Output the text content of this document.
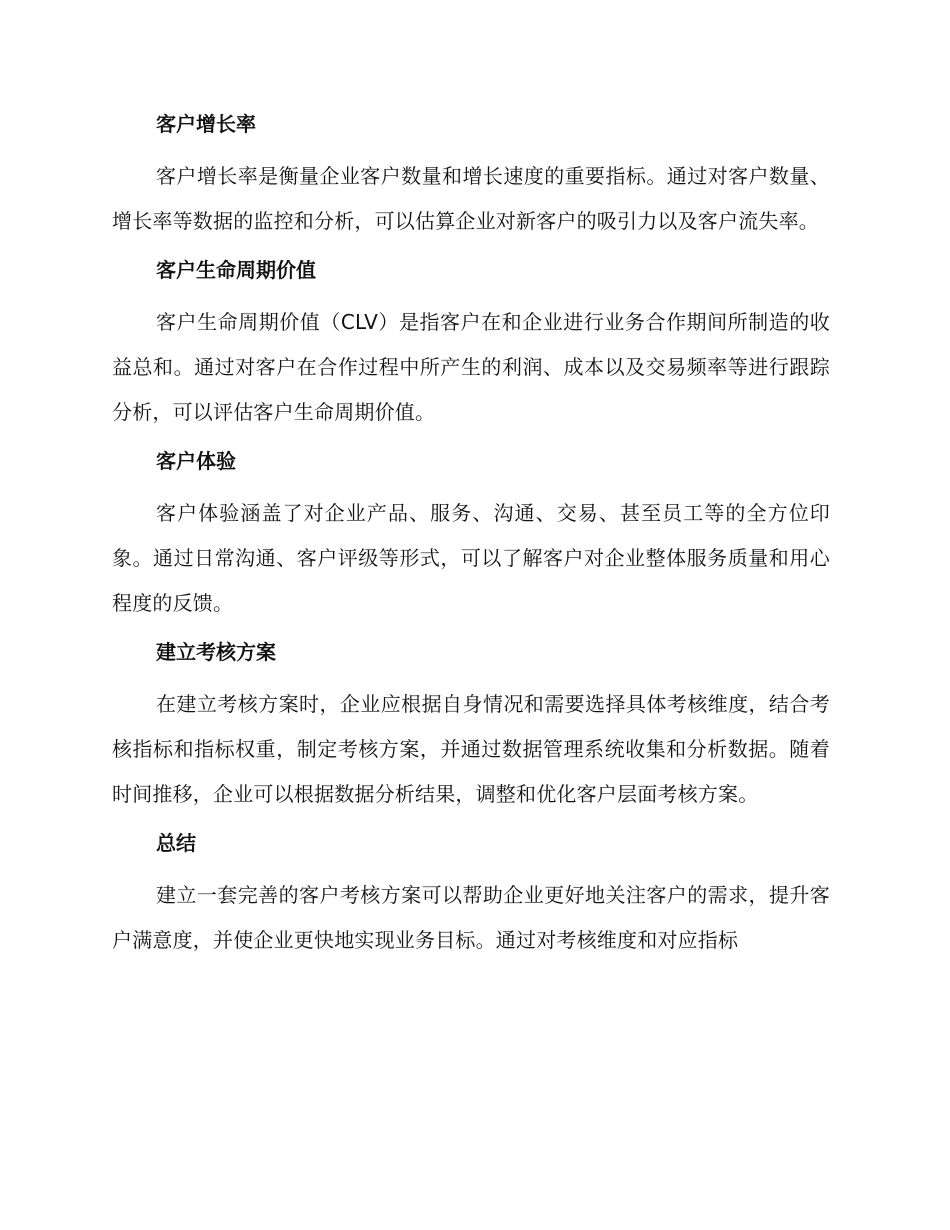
客户增长率

客户增长率是衡量企业客户数量和增长速度的重要指标。通过对客户数量、增长率等数据的监控和分析，可以估算企业对新客户的吸引力以及客户流失率。

客户生命周期价值

客户生命周期价值（CLV）是指客户在和企业进行业务合作期间所制造的收益总和。通过对客户在合作过程中所产生的利润、成本以及交易频率等进行跟踪分析，可以评估客户生命周期价值。

客户体验

客户体验涵盖了对企业产品、服务、沟通、交易、甚至员工等的全方位印象。通过日常沟通、客户评级等形式，可以了解客户对企业整体服务质量和用心程度的反馈。

建立考核方案

在建立考核方案时，企业应根据自身情况和需要选择具体考核维度，结合考核指标和指标权重，制定考核方案，并通过数据管理系统收集和分析数据。随着时间推移，企业可以根据数据分析结果，调整和优化客户层面考核方案。

总结

建立一套完善的客户考核方案可以帮助企业更好地关注客户的需求，提升客户满意度，并使企业更快地实现业务目标。通过对考核维度和对应指标
